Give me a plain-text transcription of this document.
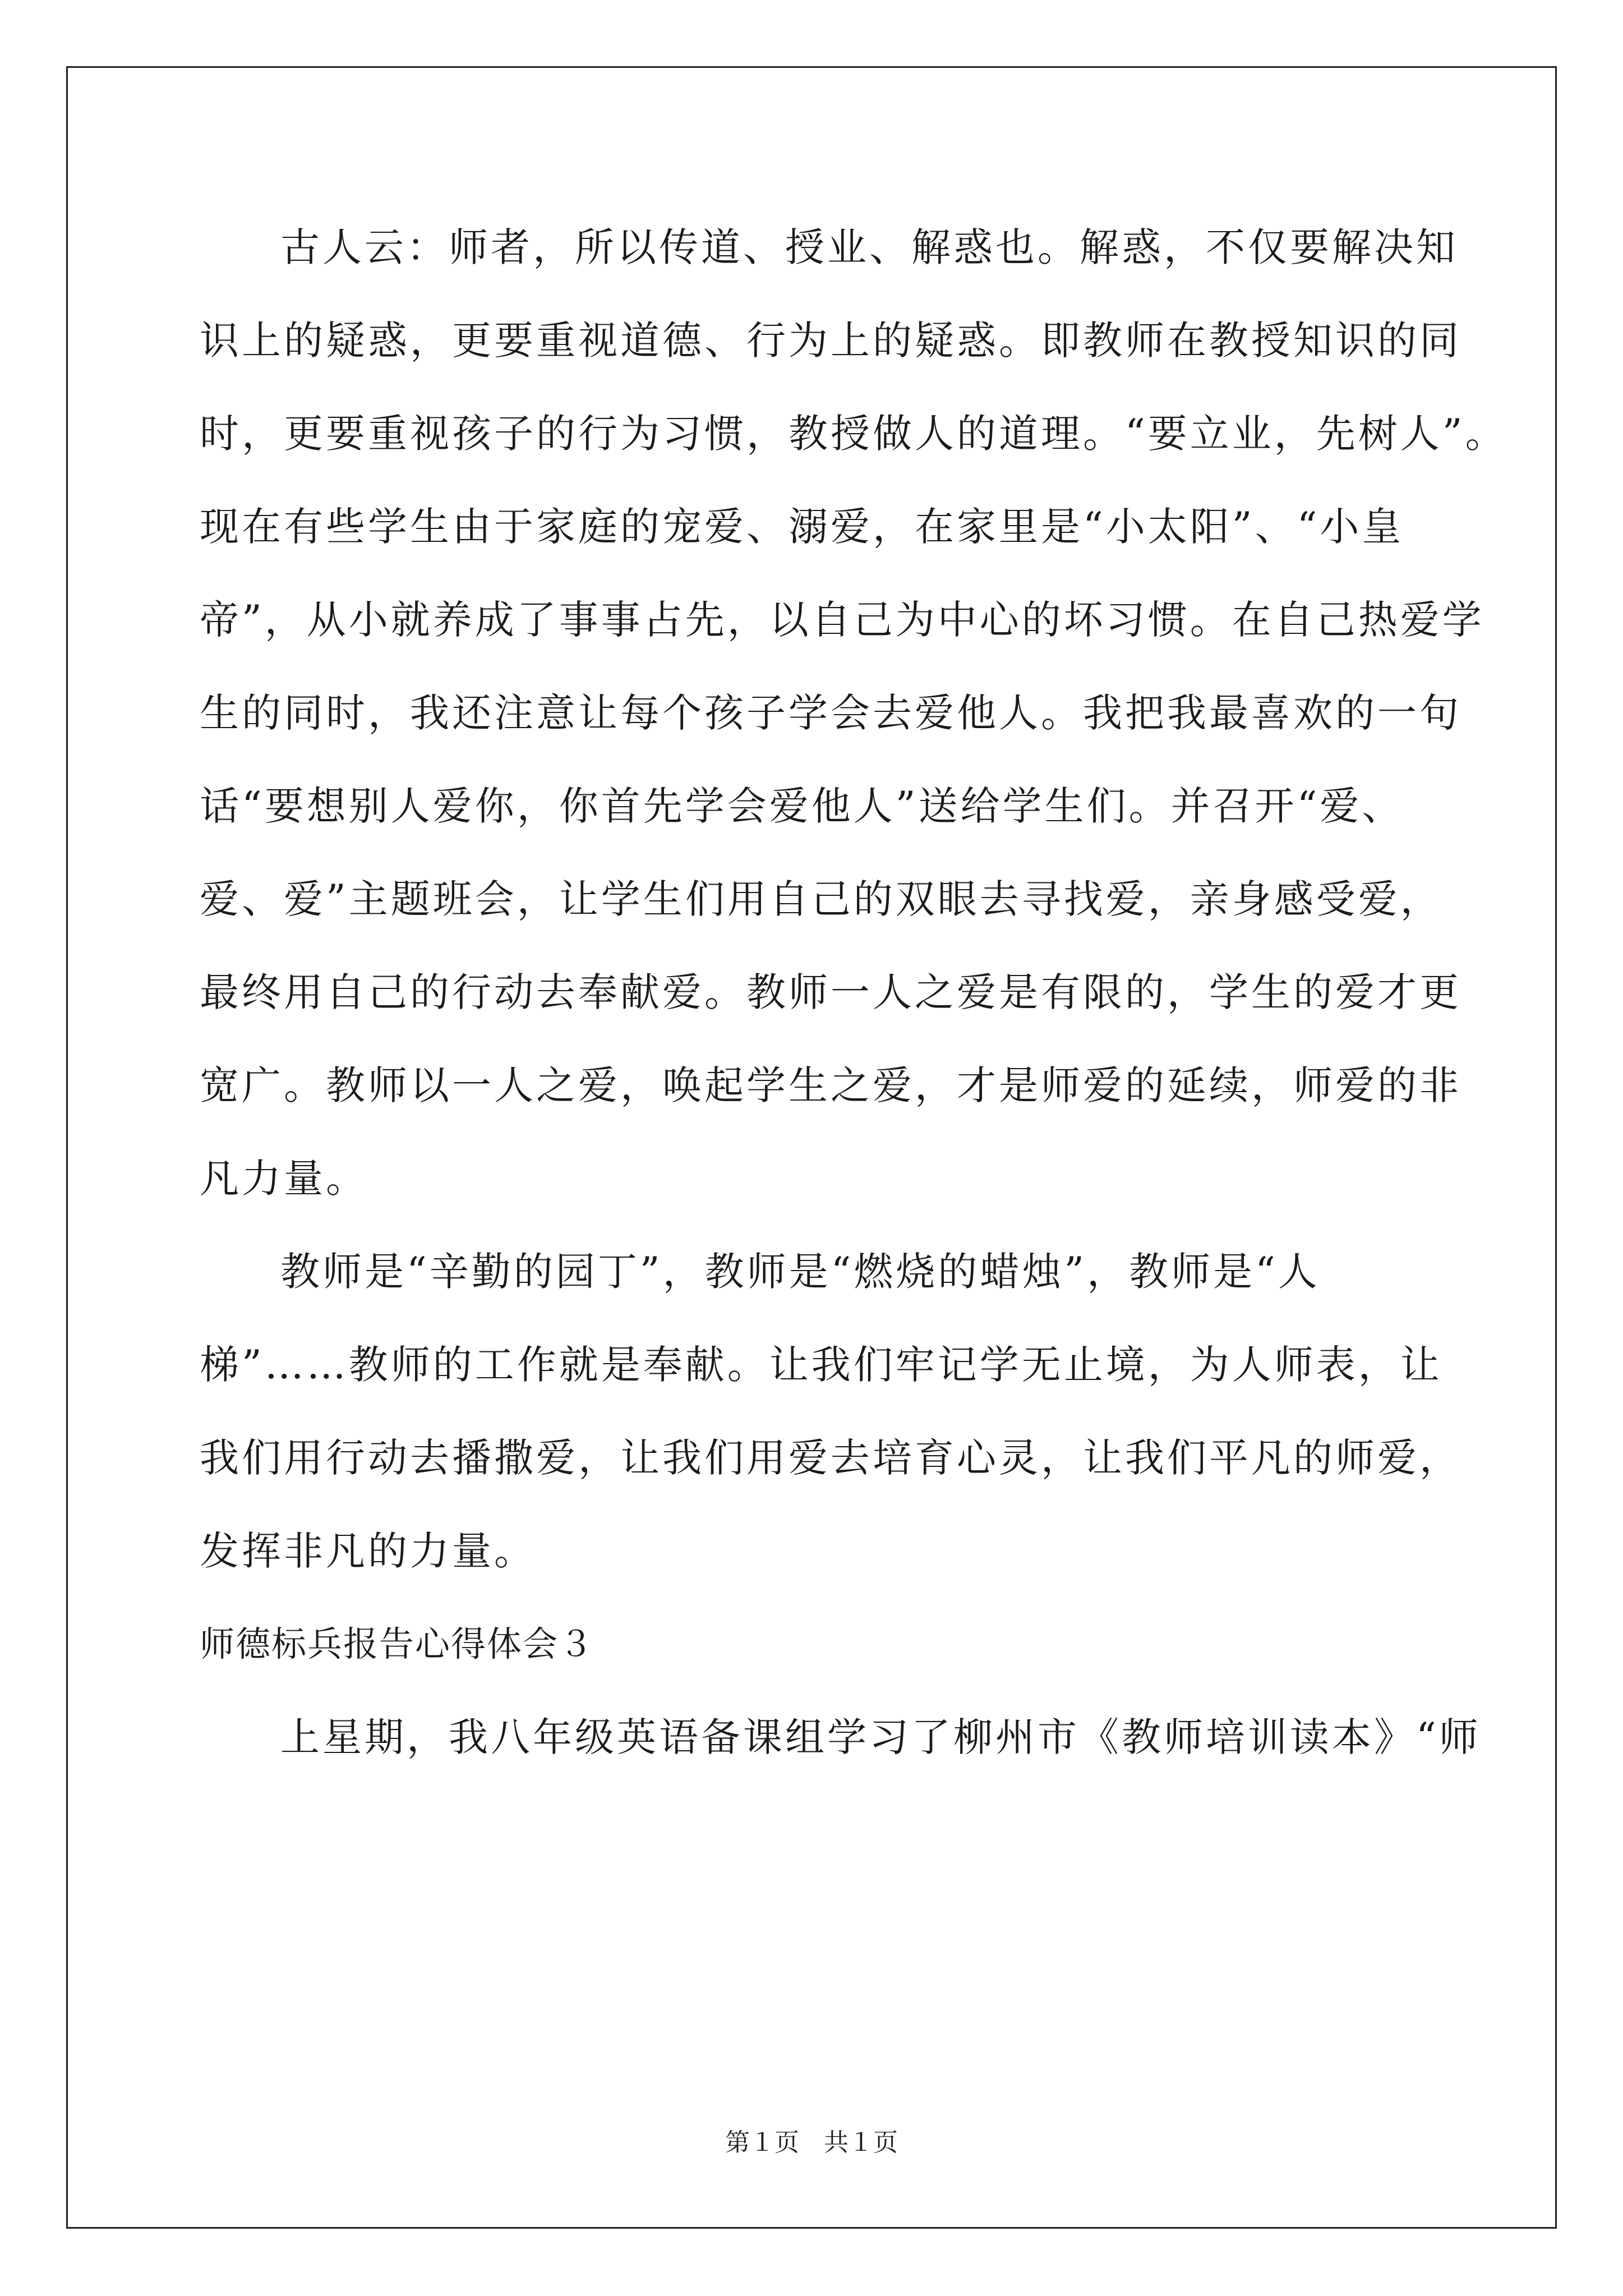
古人云：师者，所以传道、授业、解惑也。解惑，不仅要解决知
识上的疑惑，更要重视道德、行为上的疑惑。即教师在教授知识的同
时，更要重视孩子的行为习惯，教授做人的道理。“要立业，先树人”。
现在有些学生由于家庭的宠爱、溺爱，在家里是“小太阳”、“小皇
帝”，从小就养成了事事占先，以自己为中心的坏习惯。在自己热爱学
生的同时，我还注意让每个孩子学会去爱他人。我把我最喜欢的一句
话“要想别人爱你，你首先学会爱他人”送给学生们。并召开“爱、
爱、爱”主题班会，让学生们用自己的双眼去寻找爱，亲身感受爱，
最终用自己的行动去奉献爱。教师一人之爱是有限的，学生的爱才更
宽广。教师以一人之爱，唤起学生之爱，才是师爱的延续，师爱的非
凡力量。
教师是“辛勤的园丁”，教师是“燃烧的蜡烛”，教师是“人
梯”……教师的工作就是奉献。让我们牢记学无止境，为人师表，让
我们用行动去播撒爱，让我们用爱去培育心灵，让我们平凡的师爱，
发挥非凡的力量。
师德标兵报告心得体会３
上星期，我八年级英语备课组学习了柳州市《教师培训读本》“师
第１页　共１页
